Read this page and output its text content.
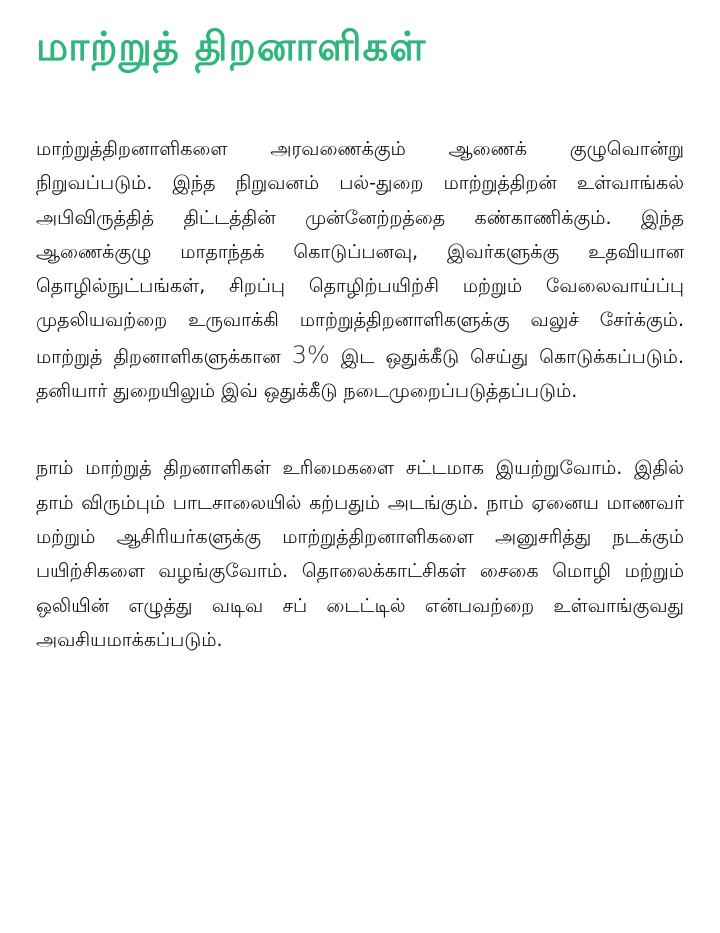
மாற்றுத் திறனாளிகள்

மாற்றுத்திறனாளிகளை அரவணைக்கும் ஆணைக் குழுவொன்று நிறுவப்படும். இந்த நிறுவனம் பல்-துறை மாற்றுத்திறன் உள்வாங்கல் அபிவிருத்தித் திட்டத்தின் முன்னேற்றத்தை கண்காணிக்கும். இந்த ஆணைக்குழு மாதாந்தக் கொடுப்பனவு, இவர்களுக்கு உதவியான தொழில்நுட்பங்கள், சிறப்பு தொழிற்பயிற்சி மற்றும் வேலைவாய்ப்பு முதலியவற்றை உருவாக்கி மாற்றுத்திறனாளிகளுக்கு வலுச் சேர்க்கும். மாற்றுத் திறனாளிகளுக்கான 3% இட ஒதுக்கீடு செய்து கொடுக்கப்படும். தனியார் துறையிலும் இவ் ஒதுக்கீடு நடைமுறைப்படுத்தப்படும்.

நாம் மாற்றுத் திறனாளிகள் உரிமைகளை சட்டமாக இயற்றுவோம். இதில் தாம் விரும்பும் பாடசாலையில் கற்பதும் அடங்கும். நாம் ஏனைய மாணவர் மற்றும் ஆசிரியர்களுக்கு மாற்றுத்திறனாளிகளை அனுசரித்து நடக்கும் பயிற்சிகளை வழங்குவோம். தொலைக்காட்சிகள் சைகை மொழி மற்றும் ஒலியின் எழுத்து வடிவ சப் டைட்டில் என்பவற்றை உள்வாங்குவது அவசியமாக்கப்படும்.
